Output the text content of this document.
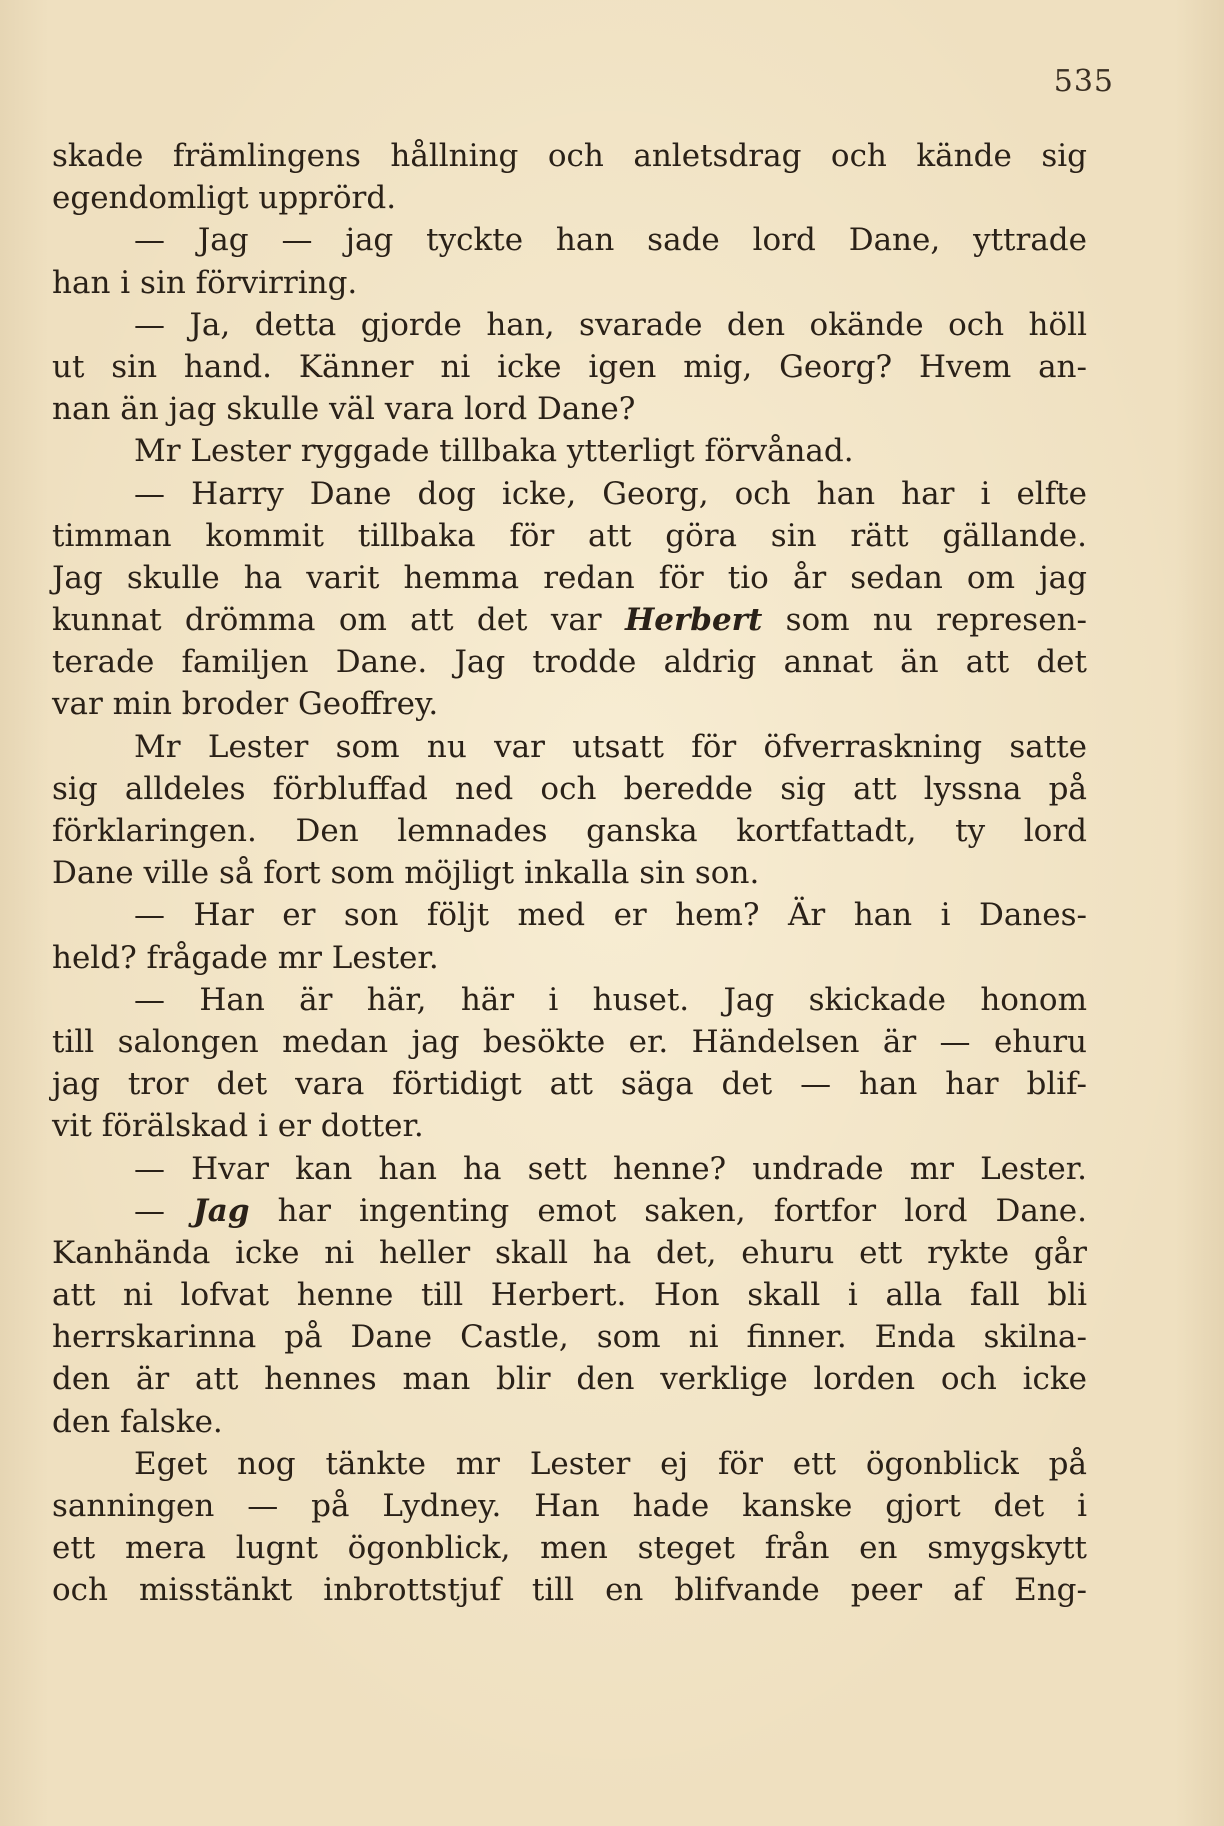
535
skade främlingens hållning och anletsdrag och kände sig
egendomligt upprörd.
— Jag — jag tyckte han sade lord Dane, yttrade
han i sin förvirring.
— Ja, detta gjorde han, svarade den okände och höll
ut sin hand. Känner ni icke igen mig, Georg? Hvem an-
nan än jag skulle väl vara lord Dane?
Mr Lester ryggade tillbaka ytterligt förvånad.
— Harry Dane dog icke, Georg, och han har i elfte
timman kommit tillbaka för att göra sin rätt gällande.
Jag skulle ha varit hemma redan för tio år sedan om jag
kunnat drömma om att det var Herbert som nu represen-
terade familjen Dane. Jag trodde aldrig annat än att det
var min broder Geoffrey.
Mr Lester som nu var utsatt för öfverraskning satte
sig alldeles förbluffad ned och beredde sig att lyssna på
förklaringen. Den lemnades ganska kortfattadt, ty lord
Dane ville så fort som möjligt inkalla sin son.
— Har er son följt med er hem? Är han i Danes-
held? frågade mr Lester.
— Han är här, här i huset. Jag skickade honom
till salongen medan jag besökte er. Händelsen är — ehuru
jag tror det vara förtidigt att säga det — han har blif-
vit förälskad i er dotter.
— Hvar kan han ha sett henne? undrade mr Lester.
— Jag har ingenting emot saken, fortfor lord Dane.
Kanhända icke ni heller skall ha det, ehuru ett rykte går
att ni lofvat henne till Herbert. Hon skall i alla fall bli
herrskarinna på Dane Castle, som ni finner. Enda skilna-
den är att hennes man blir den verklige lorden och icke
den falske.
Eget nog tänkte mr Lester ej för ett ögonblick på
sanningen — på Lydney. Han hade kanske gjort det i
ett mera lugnt ögonblick, men steget från en smygskytt
och misstänkt inbrottstjuf till en blifvande peer af Eng-
